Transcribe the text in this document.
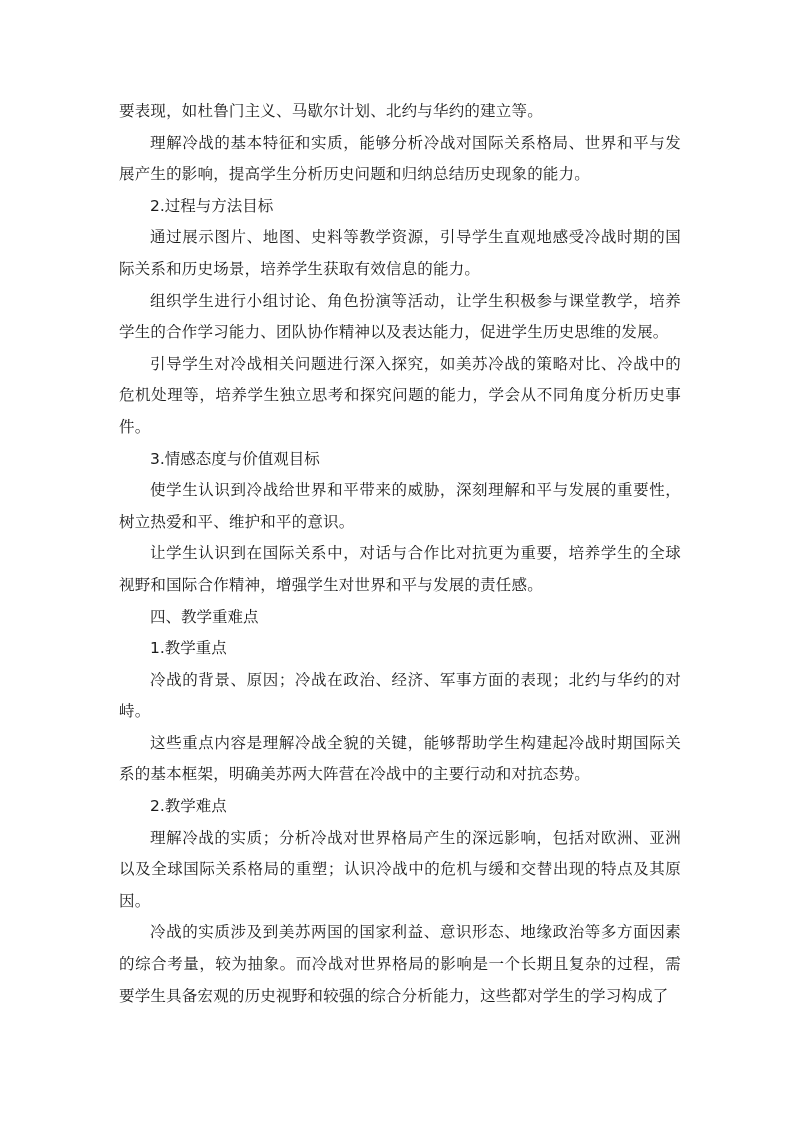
要表现，如杜鲁门主义、马歇尔计划、北约与华约的建立等。

理解冷战的基本特征和实质，能够分析冷战对国际关系格局、世界和平与发展产生的影响，提高学生分析历史问题和归纳总结历史现象的能力。

2.过程与方法目标

通过展示图片、地图、史料等教学资源，引导学生直观地感受冷战时期的国际关系和历史场景，培养学生获取有效信息的能力。

组织学生进行小组讨论、角色扮演等活动，让学生积极参与课堂教学，培养学生的合作学习能力、团队协作精神以及表达能力，促进学生历史思维的发展。

引导学生对冷战相关问题进行深入探究，如美苏冷战的策略对比、冷战中的危机处理等，培养学生独立思考和探究问题的能力，学会从不同角度分析历史事件。

3.情感态度与价值观目标

使学生认识到冷战给世界和平带来的威胁，深刻理解和平与发展的重要性，树立热爱和平、维护和平的意识。

让学生认识到在国际关系中，对话与合作比对抗更为重要，培养学生的全球视野和国际合作精神，增强学生对世界和平与发展的责任感。

四、教学重难点

1.教学重点

冷战的背景、原因；冷战在政治、经济、军事方面的表现；北约与华约的对峙。

这些重点内容是理解冷战全貌的关键，能够帮助学生构建起冷战时期国际关系的基本框架，明确美苏两大阵营在冷战中的主要行动和对抗态势。

2.教学难点

理解冷战的实质；分析冷战对世界格局产生的深远影响，包括对欧洲、亚洲以及全球国际关系格局的重塑；认识冷战中的危机与缓和交替出现的特点及其原因。

冷战的实质涉及到美苏两国的国家利益、意识形态、地缘政治等多方面因素的综合考量，较为抽象。而冷战对世界格局的影响是一个长期且复杂的过程，需要学生具备宏观的历史视野和较强的综合分析能力，这些都对学生的学习构成了
